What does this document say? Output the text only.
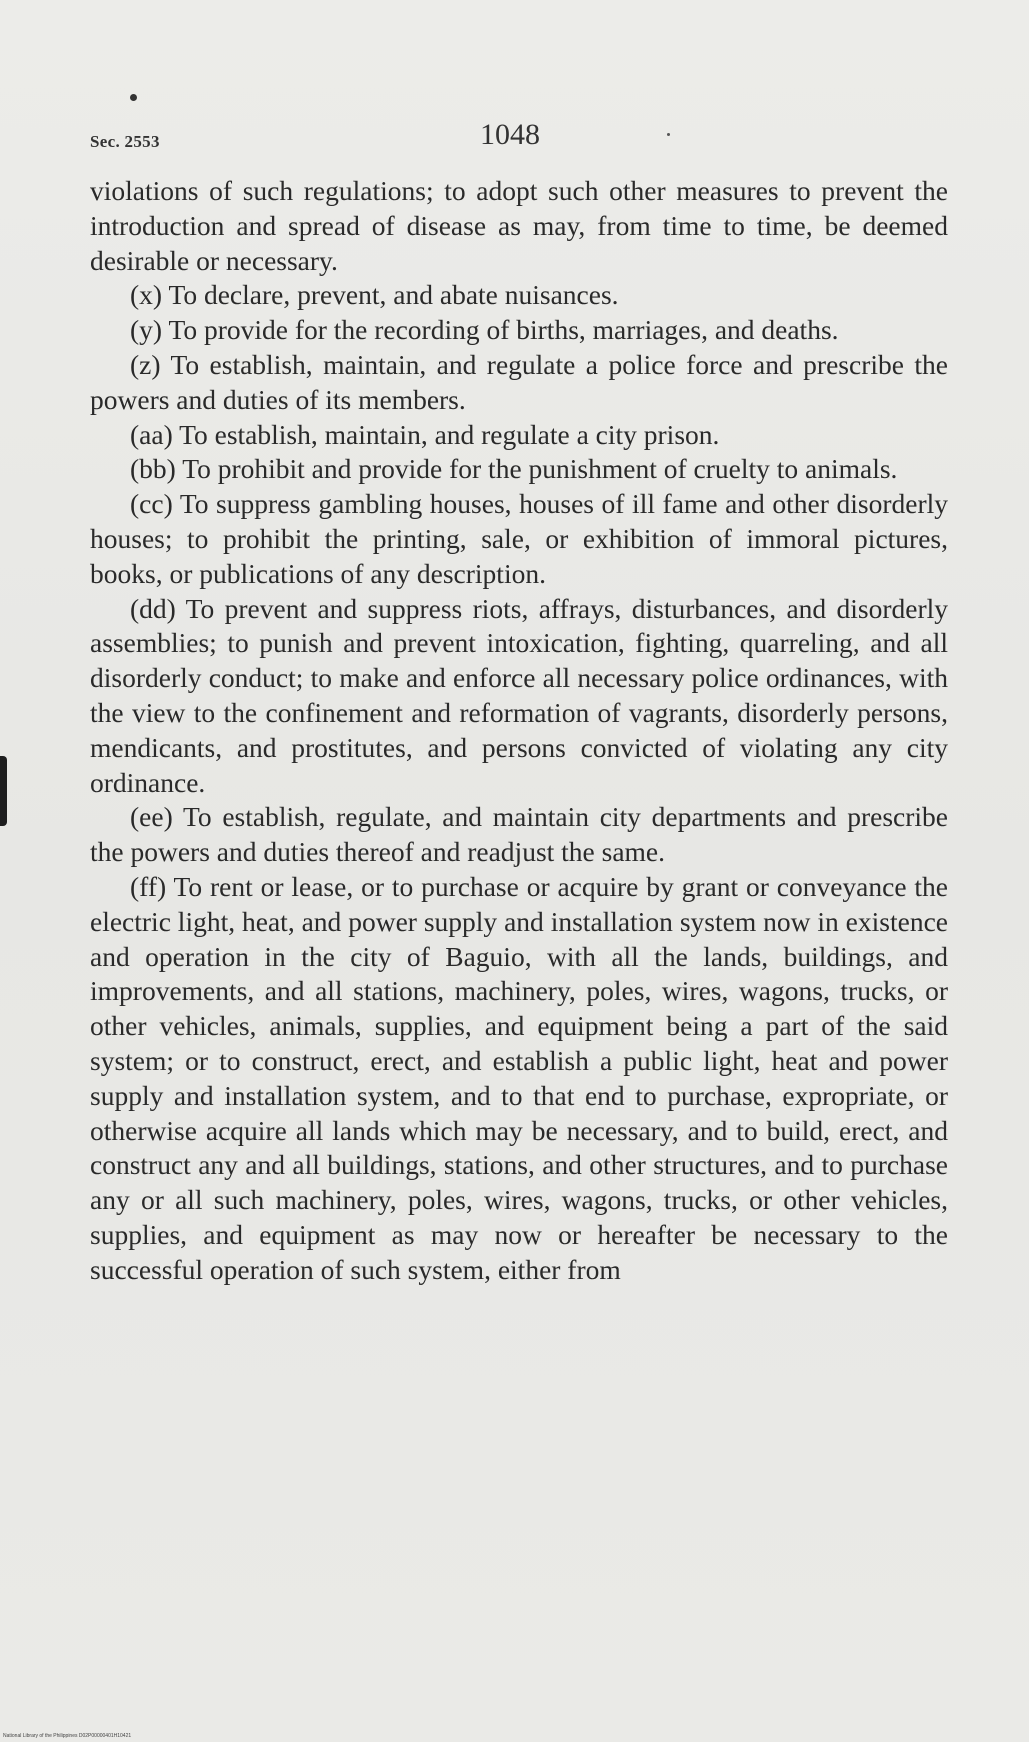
Sec. 2553	1048

violations of such regulations; to adopt such other measures to prevent the introduction and spread of disease as may, from time to time, be deemed desirable or necessary.

(x) To declare, prevent, and abate nuisances.

(y) To provide for the recording of births, marriages, and deaths.

(z) To establish, maintain, and regulate a police force and prescribe the powers and duties of its members.

(aa) To establish, maintain, and regulate a city prison.

(bb) To prohibit and provide for the punishment of cruelty to animals.

(cc) To suppress gambling houses, houses of ill fame and other disorderly houses; to prohibit the printing, sale, or exhibition of immoral pictures, books, or publications of any description.

(dd) To prevent and suppress riots, affrays, disturbances, and disorderly assemblies; to punish and prevent intoxication, fighting, quarreling, and all disorderly conduct; to make and enforce all necessary police ordinances, with the view to the confinement and reformation of vagrants, disorderly persons, mendicants, and prostitutes, and persons convicted of violating any city ordinance.

(ee) To establish, regulate, and maintain city departments and prescribe the powers and duties thereof and readjust the same.

(ff) To rent or lease, or to purchase or acquire by grant or conveyance the electric light, heat, and power supply and installation system now in existence and operation in the city of Baguio, with all the lands, buildings, and improvements, and all stations, machinery, poles, wires, wagons, trucks, or other vehicles, animals, supplies, and equipment being a part of the said system; or to construct, erect, and establish a public light, heat and power supply and installation system, and to that end to purchase, expropriate, or otherwise acquire all lands which may be necessary, and to build, erect, and construct any and all buildings, stations, and other structures, and to purchase any or all such machinery, poles, wires, wagons, trucks, or other vehicles, supplies, and equipment as may now or hereafter be necessary to the successful operation of such system, either from

National Library of the Philippines D02P00000401H10421
